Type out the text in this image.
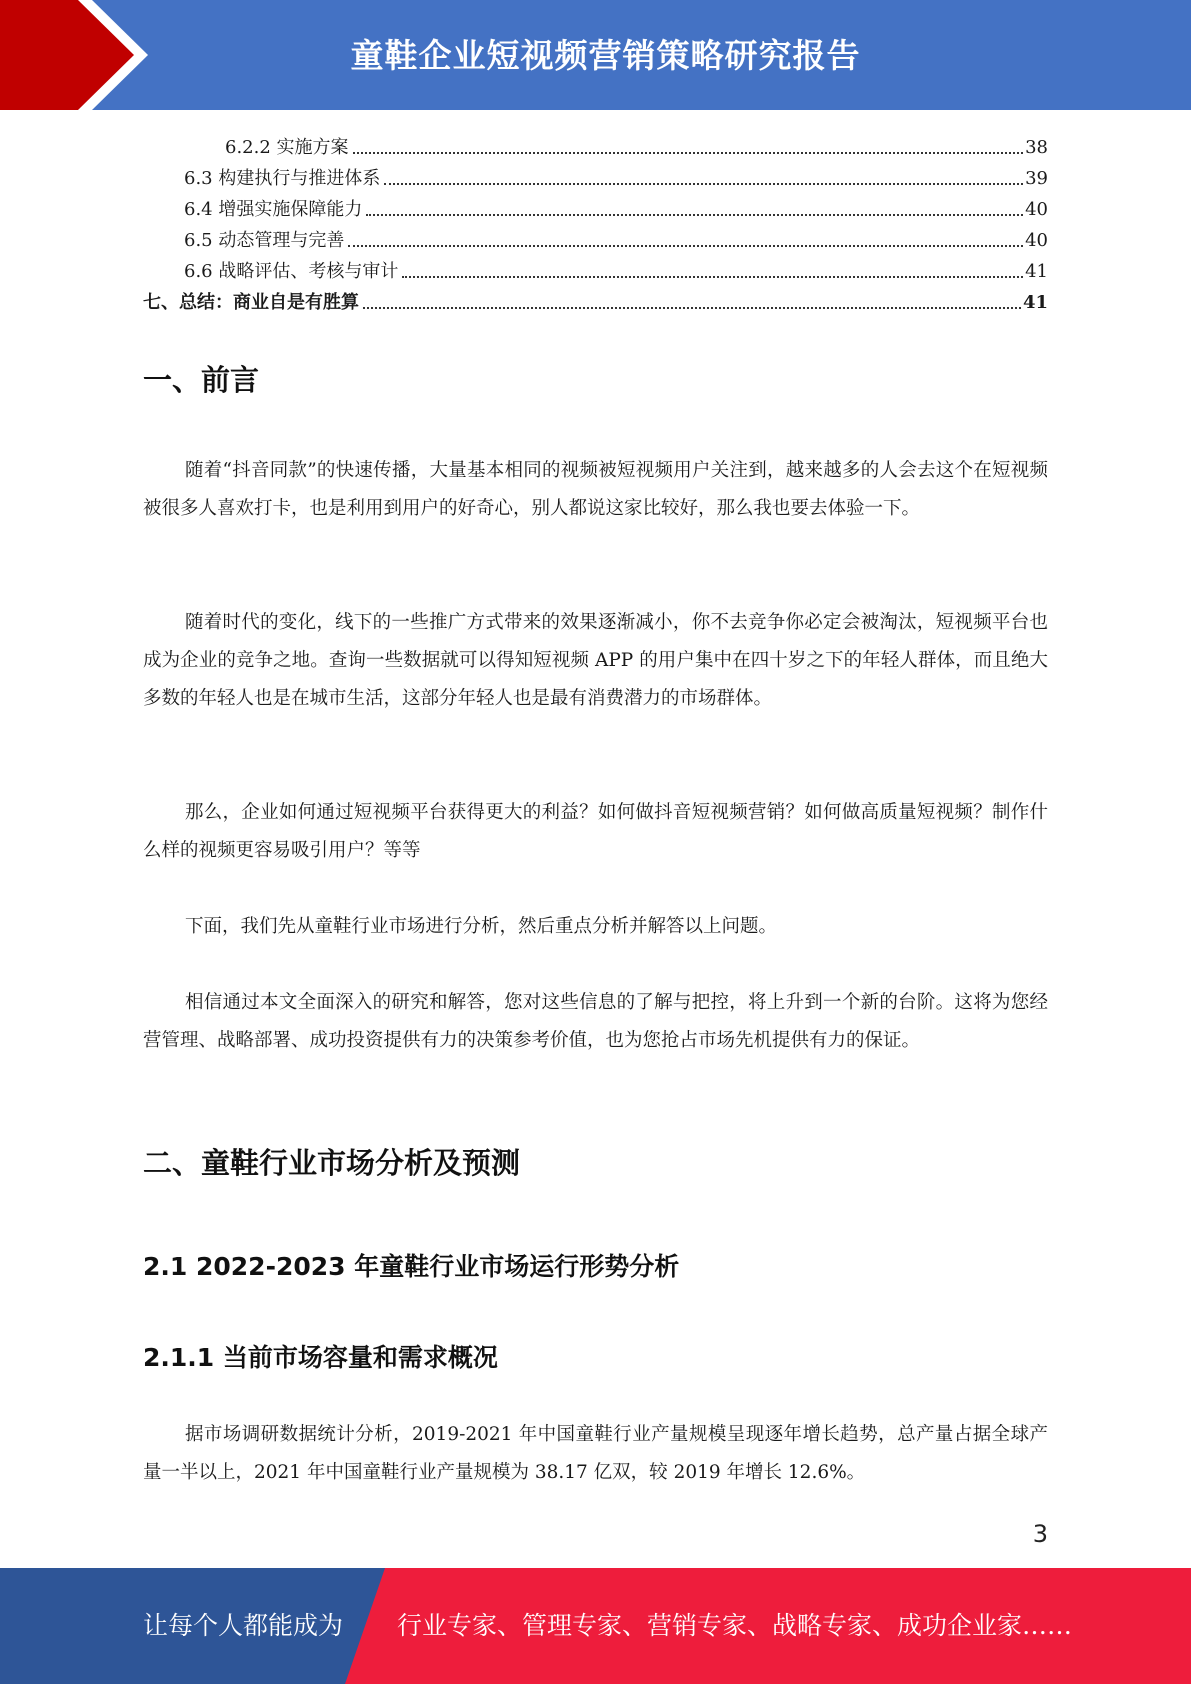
童鞋企业短视频营销策略研究报告
6.2.2 实施方案	38
6.3 构建执行与推进体系	39
6.4 增强实施保障能力	40
6.5 动态管理与完善	40
6.6 战略评估、考核与审计	41
七、总结：商业自是有胜算	41
一、前言

随着“抖音同款”的快速传播，大量基本相同的视频被短视频用户关注到，越来越多的人会去这个在短视频被很多人喜欢打卡，也是利用到用户的好奇心，别人都说这家比较好，那么我也要去体验一下。

随着时代的变化，线下的一些推广方式带来的效果逐渐减小，你不去竞争你必定会被淘汰，短视频平台也成为企业的竞争之地。查询一些数据就可以得知短视频 APP 的用户集中在四十岁之下的年轻人群体，而且绝大多数的年轻人也是在城市生活，这部分年轻人也是最有消费潜力的市场群体。

那么，企业如何通过短视频平台获得更大的利益？如何做抖音短视频营销？如何做高质量短视频？制作什么样的视频更容易吸引用户？等等

下面，我们先从童鞋行业市场进行分析，然后重点分析并解答以上问题。

相信通过本文全面深入的研究和解答，您对这些信息的了解与把控，将上升到一个新的台阶。这将为您经营管理、战略部署、成功投资提供有力的决策参考价值，也为您抢占市场先机提供有力的保证。

二、童鞋行业市场分析及预测
2.1 2022-2023 年童鞋行业市场运行形势分析
2.1.1 当前市场容量和需求概况

据市场调研数据统计分析，2019-2021 年中国童鞋行业产量规模呈现逐年增长趋势，总产量占据全球产量一半以上，2021 年中国童鞋行业产量规模为 38.17 亿双，较 2019 年增长 12.6%。

3
让每个人都能成为 行业专家、管理专家、营销专家、战略专家、成功企业家……
